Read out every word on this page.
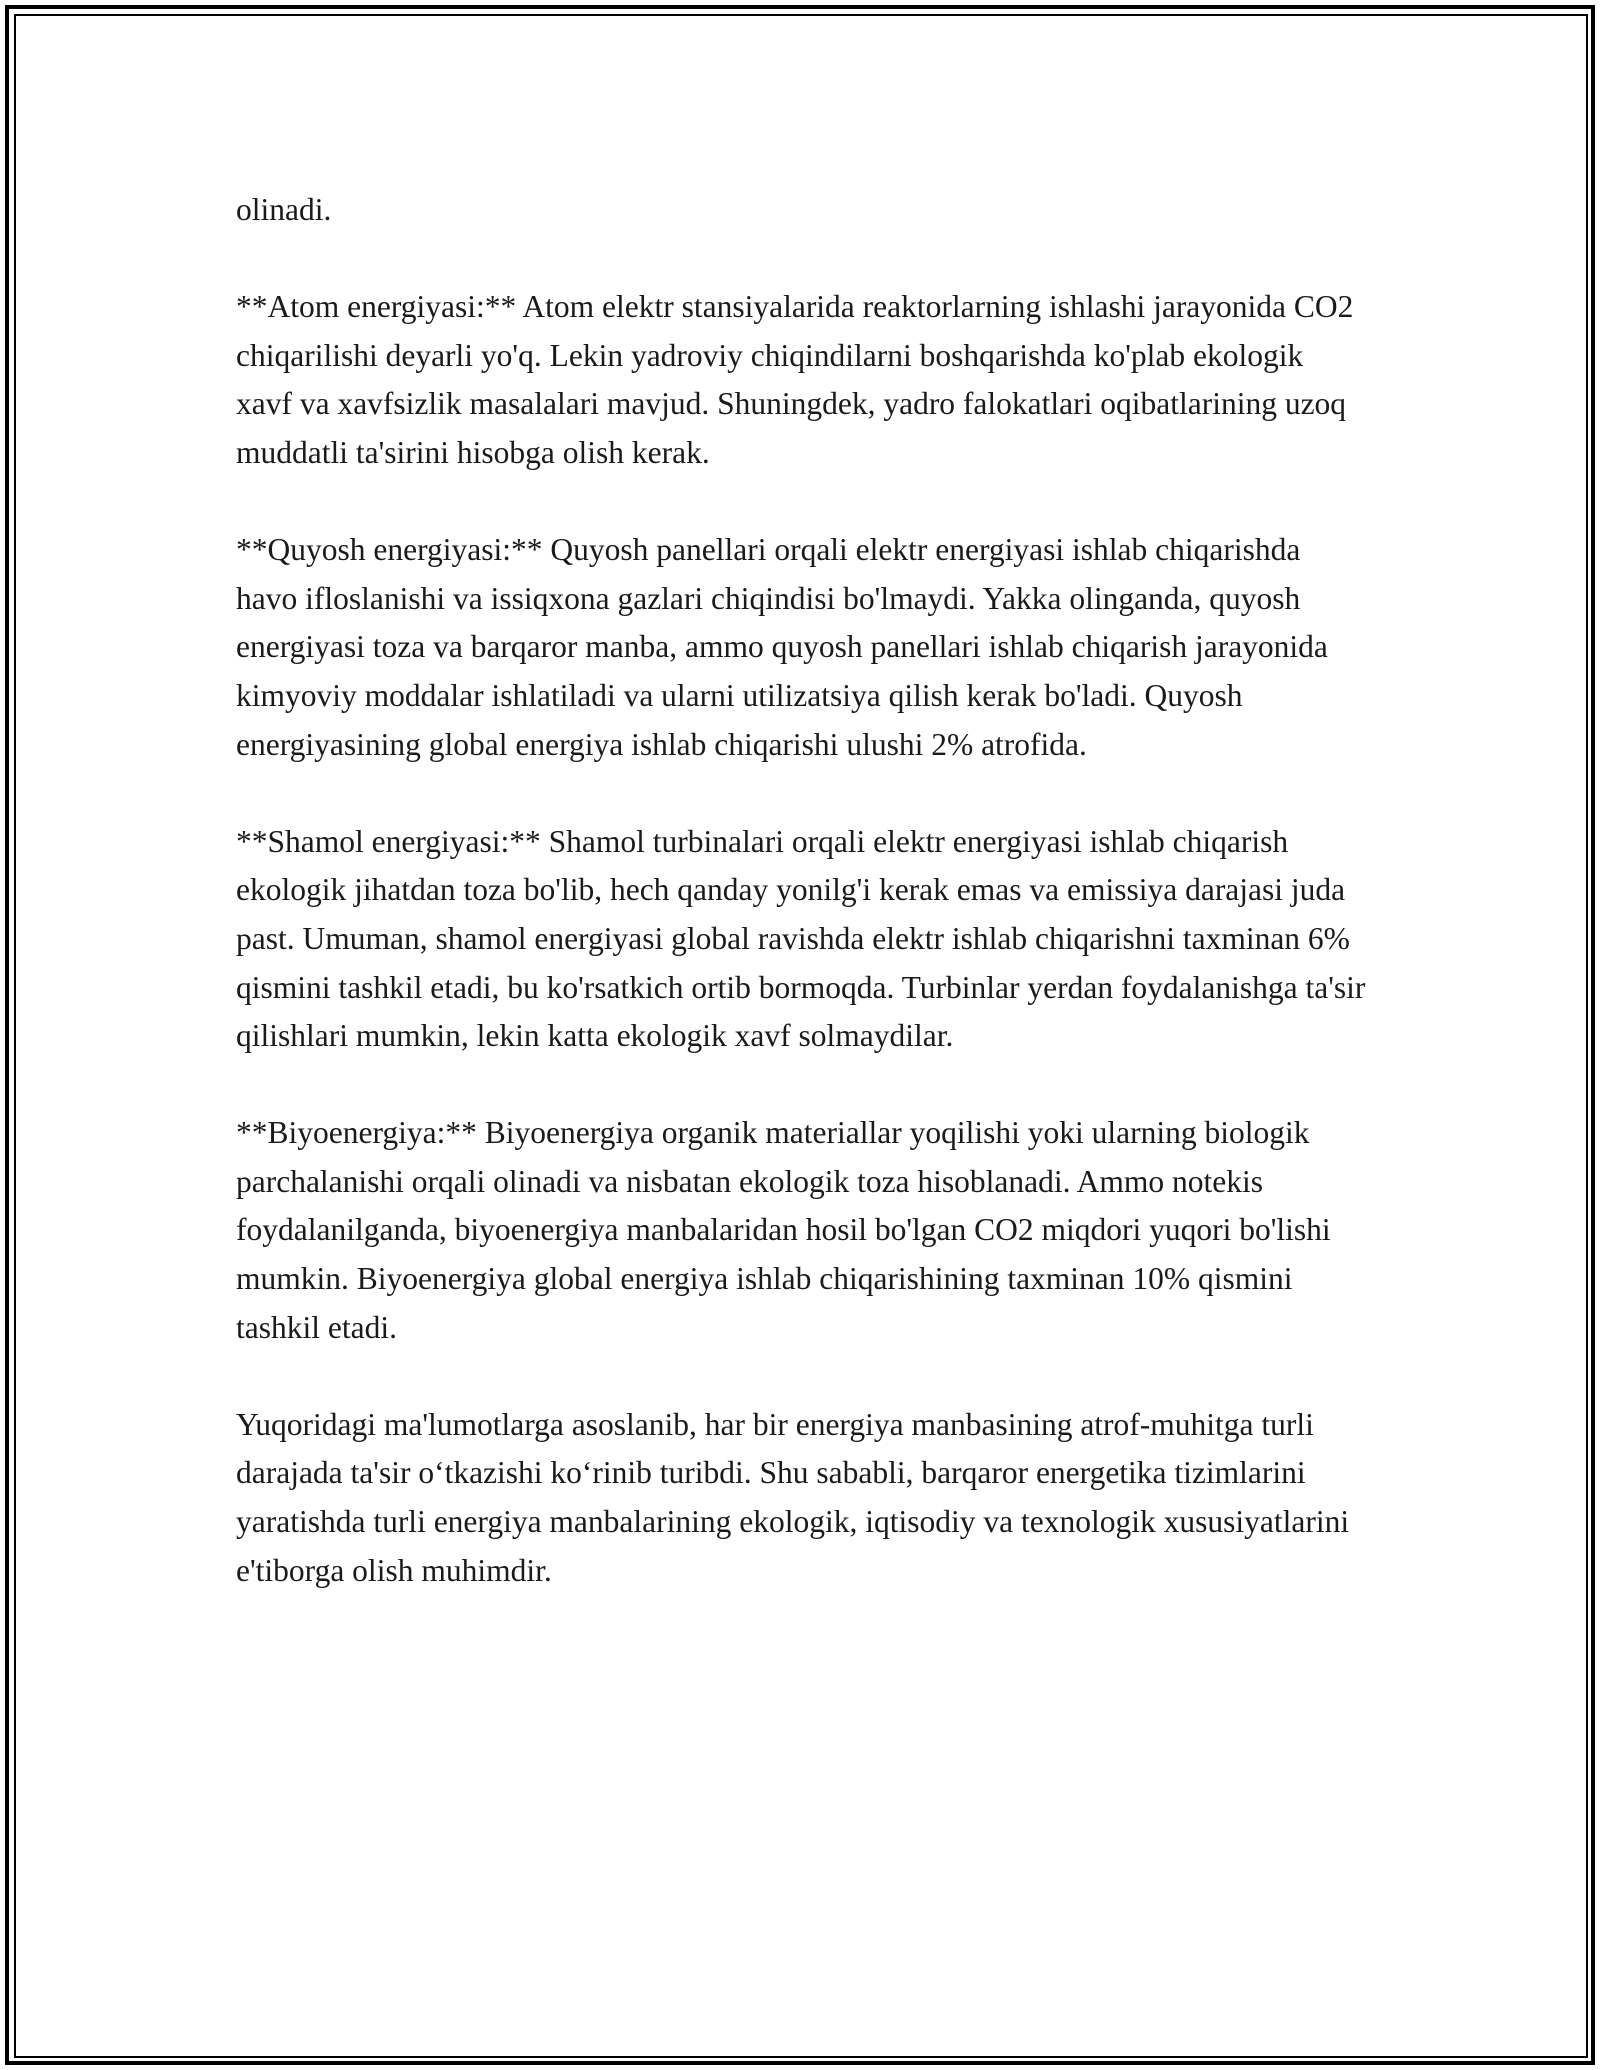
olinadi.

**Atom energiyasi:** Atom elektr stansiyalarida reaktorlarning ishlashi jarayonida CO2 chiqarilishi deyarli yo'q. Lekin yadroviy chiqindilarni boshqarishda ko'plab ekologik xavf va xavfsizlik masalalari mavjud. Shuningdek, yadro falokatlari oqibatlarining uzoq muddatli ta'sirini hisobga olish kerak.

**Quyosh energiyasi:** Quyosh panellari orqali elektr energiyasi ishlab chiqarishda havo ifloslanishi va issiqxona gazlari chiqindisi bo'lmaydi. Yakka olinganda, quyosh energiyasi toza va barqaror manba, ammo quyosh panellari ishlab chiqarish jarayonida kimyoviy moddalar ishlatiladi va ularni utilizatsiya qilish kerak bo'ladi. Quyosh energiyasining global energiya ishlab chiqarishi ulushi 2% atrofida.

**Shamol energiyasi:** Shamol turbinalari orqali elektr energiyasi ishlab chiqarish ekologik jihatdan toza bo'lib, hech qanday yonilg'i kerak emas va emissiya darajasi juda past. Umuman, shamol energiyasi global ravishda elektr ishlab chiqarishni taxminan 6% qismini tashkil etadi, bu ko'rsatkich ortib bormoqda. Turbinlar yerdan foydalanishga ta'sir qilishlari mumkin, lekin katta ekologik xavf solmaydilar.

**Biyoenergiya:** Biyoenergiya organik materiallar yoqilishi yoki ularning biologik parchalanishi orqali olinadi va nisbatan ekologik toza hisoblanadi. Ammo notekis foydalanilganda, biyoenergiya manbalaridan hosil bo'lgan CO2 miqdori yuqori bo'lishi mumkin. Biyoenergiya global energiya ishlab chiqarishining taxminan 10% qismini tashkil etadi.

Yuqoridagi ma'lumotlarga asoslanib, har bir energiya manbasining atrof-muhitga turli darajada ta'sir o‘tkazishi ko‘rinib turibdi. Shu sababli, barqaror energetika tizimlarini yaratishda turli energiya manbalarining ekologik, iqtisodiy va texnologik xususiyatlarini e'tiborga olish muhimdir.
